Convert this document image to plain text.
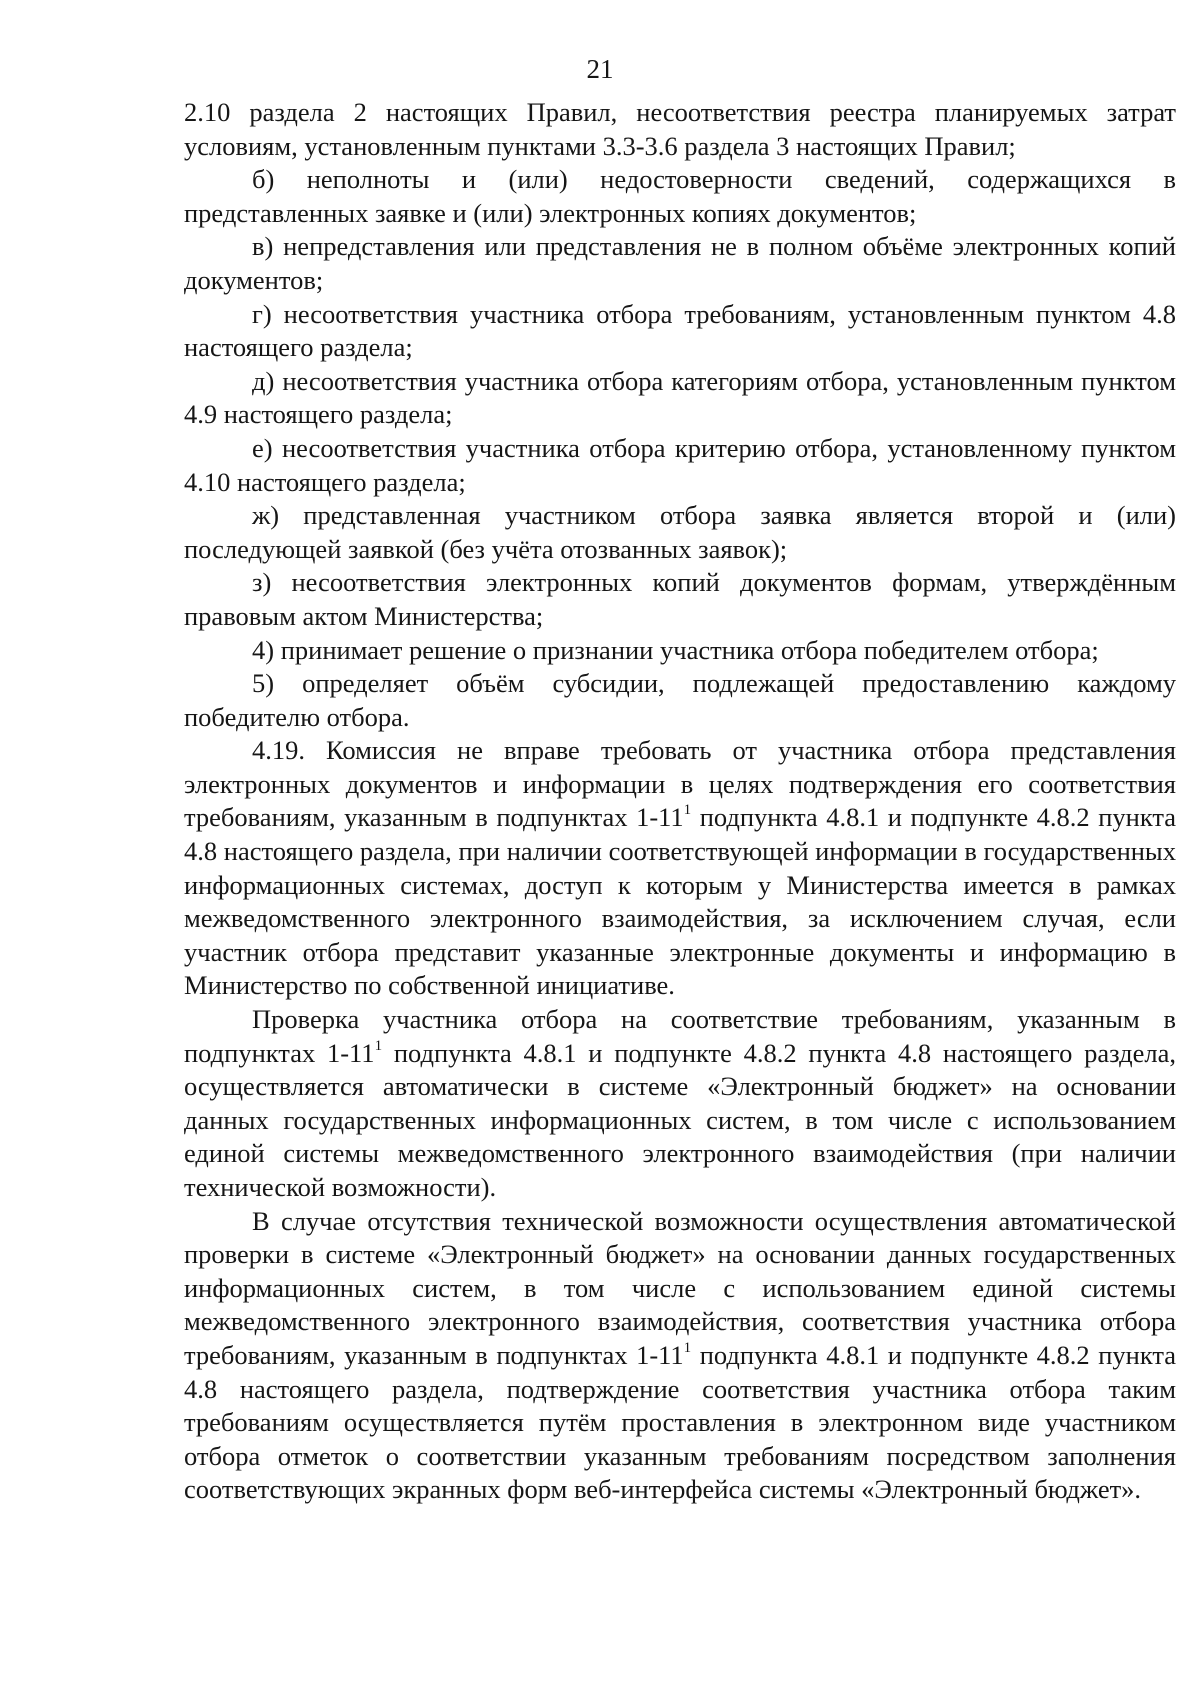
21

2.10 раздела 2 настоящих Правил, несоответствия реестра планируемых затрат условиям, установленным пунктами 3.3-3.6 раздела 3 настоящих Правил;

б) неполноты и (или) недостоверности сведений, содержащихся в представленных заявке и (или) электронных копиях документов;

в) непредставления или представления не в полном объёме электронных копий документов;

г) несоответствия участника отбора требованиям, установленным пунктом 4.8 настоящего раздела;

д) несоответствия участника отбора категориям отбора, установленным пунктом 4.9 настоящего раздела;

е) несоответствия участника отбора критерию отбора, установленному пунктом 4.10 настоящего раздела;

ж) представленная участником отбора заявка является второй и (или) последующей заявкой (без учёта отозванных заявок);

з) несоответствия электронных копий документов формам, утверждённым правовым актом Министерства;

4) принимает решение о признании участника отбора победителем отбора;

5) определяет объём субсидии, подлежащей предоставлению каждому победителю отбора.

4.19. Комиссия не вправе требовать от участника отбора представления электронных документов и информации в целях подтверждения его соответствия требованиям, указанным в подпунктах $1-11^1$ подпункта 4.8.1 и подпункте 4.8.2 пункта 4.8 настоящего раздела, при наличии соответствующей информации в государственных информационных системах, доступ к которым у Министерства имеется в рамках межведомственного электронного взаимодействия, за исключением случая, если участник отбора представит указанные электронные документы и информацию в Министерство по собственной инициативе.

Проверка участника отбора на соответствие требованиям, указанным в подпунктах $1-11^1$ подпункта 4.8.1 и подпункте 4.8.2 пункта 4.8 настоящего раздела, осуществляется автоматически в системе «Электронный бюджет» на основании данных государственных информационных систем, в том числе с использованием единой системы межведомственного электронного взаимодействия (при наличии технической возможности).

В случае отсутствия технической возможности осуществления автоматической проверки в системе «Электронный бюджет» на основании данных государственных информационных систем, в том числе с использованием единой системы межведомственного электронного взаимодействия, соответствия участника отбора требованиям, указанным в подпунктах $1-11^1$ подпункта 4.8.1 и подпункте 4.8.2 пункта 4.8 настоящего раздела, подтверждение соответствия участника отбора таким требованиям осуществляется путём проставления в электронном виде участником отбора отметок о соответствии указанным требованиям посредством заполнения соответствующих экранных форм веб-интерфейса системы «Электронный бюджет».
